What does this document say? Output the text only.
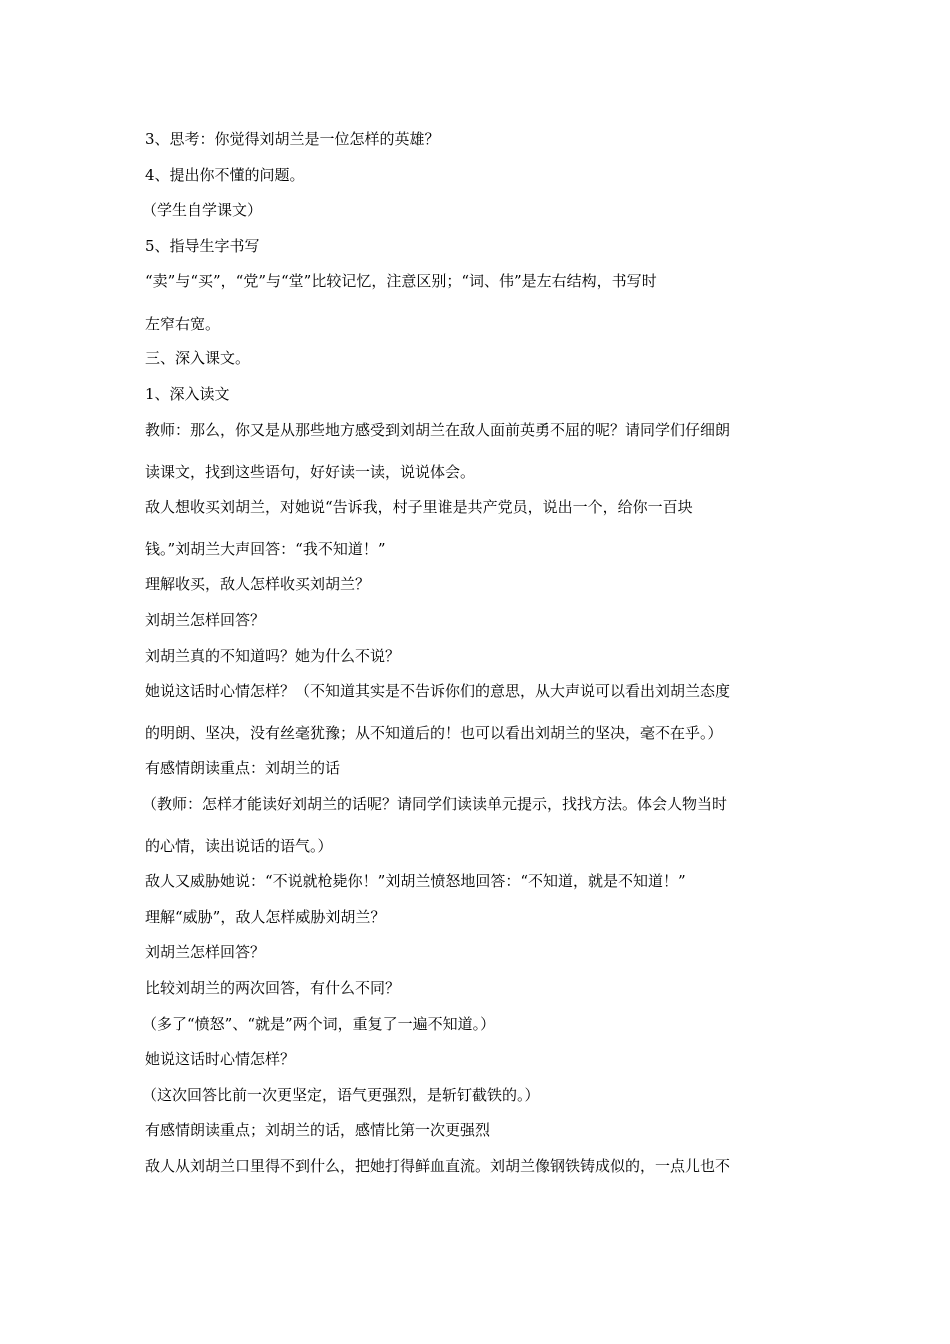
3、思考：你觉得刘胡兰是一位怎样的英雄？
4、提出你不懂的问题。
（学生自学课文）
5、指导生字书写
“卖”与“买”，“党”与“堂”比较记忆，注意区别；“词、伟”是左右结构，书写时
左窄右宽。
三、深入课文。
1、深入读文
教师：那么，你又是从那些地方感受到刘胡兰在敌人面前英勇不屈的呢？请同学们仔细朗
读课文，找到这些语句，好好读一读，说说体会。
敌人想收买刘胡兰，对她说“告诉我，村子里谁是共产党员，说出一个，给你一百块
钱。”刘胡兰大声回答：“我不知道！”
理解收买，敌人怎样收买刘胡兰？
刘胡兰怎样回答？
刘胡兰真的不知道吗？她为什么不说？
她说这话时心情怎样？（不知道其实是不告诉你们的意思，从大声说可以看出刘胡兰态度
的明朗、坚决，没有丝毫犹豫；从不知道后的！也可以看出刘胡兰的坚决，毫不在乎。）
有感情朗读重点：刘胡兰的话
（教师：怎样才能读好刘胡兰的话呢？请同学们读读单元提示，找找方法。体会人物当时
的心情，读出说话的语气。）
敌人又威胁她说：“不说就枪毙你！”刘胡兰愤怒地回答：“不知道，就是不知道！”
理解“威胁”，敌人怎样威胁刘胡兰？
刘胡兰怎样回答？
比较刘胡兰的两次回答，有什么不同？
（多了“愤怒”、“就是”两个词，重复了一遍不知道。）
她说这话时心情怎样？
（这次回答比前一次更坚定，语气更强烈，是斩钉截铁的。）
有感情朗读重点；刘胡兰的话，感情比第一次更强烈
敌人从刘胡兰口里得不到什么，把她打得鲜血直流。刘胡兰像钢铁铸成似的，一点儿也不
